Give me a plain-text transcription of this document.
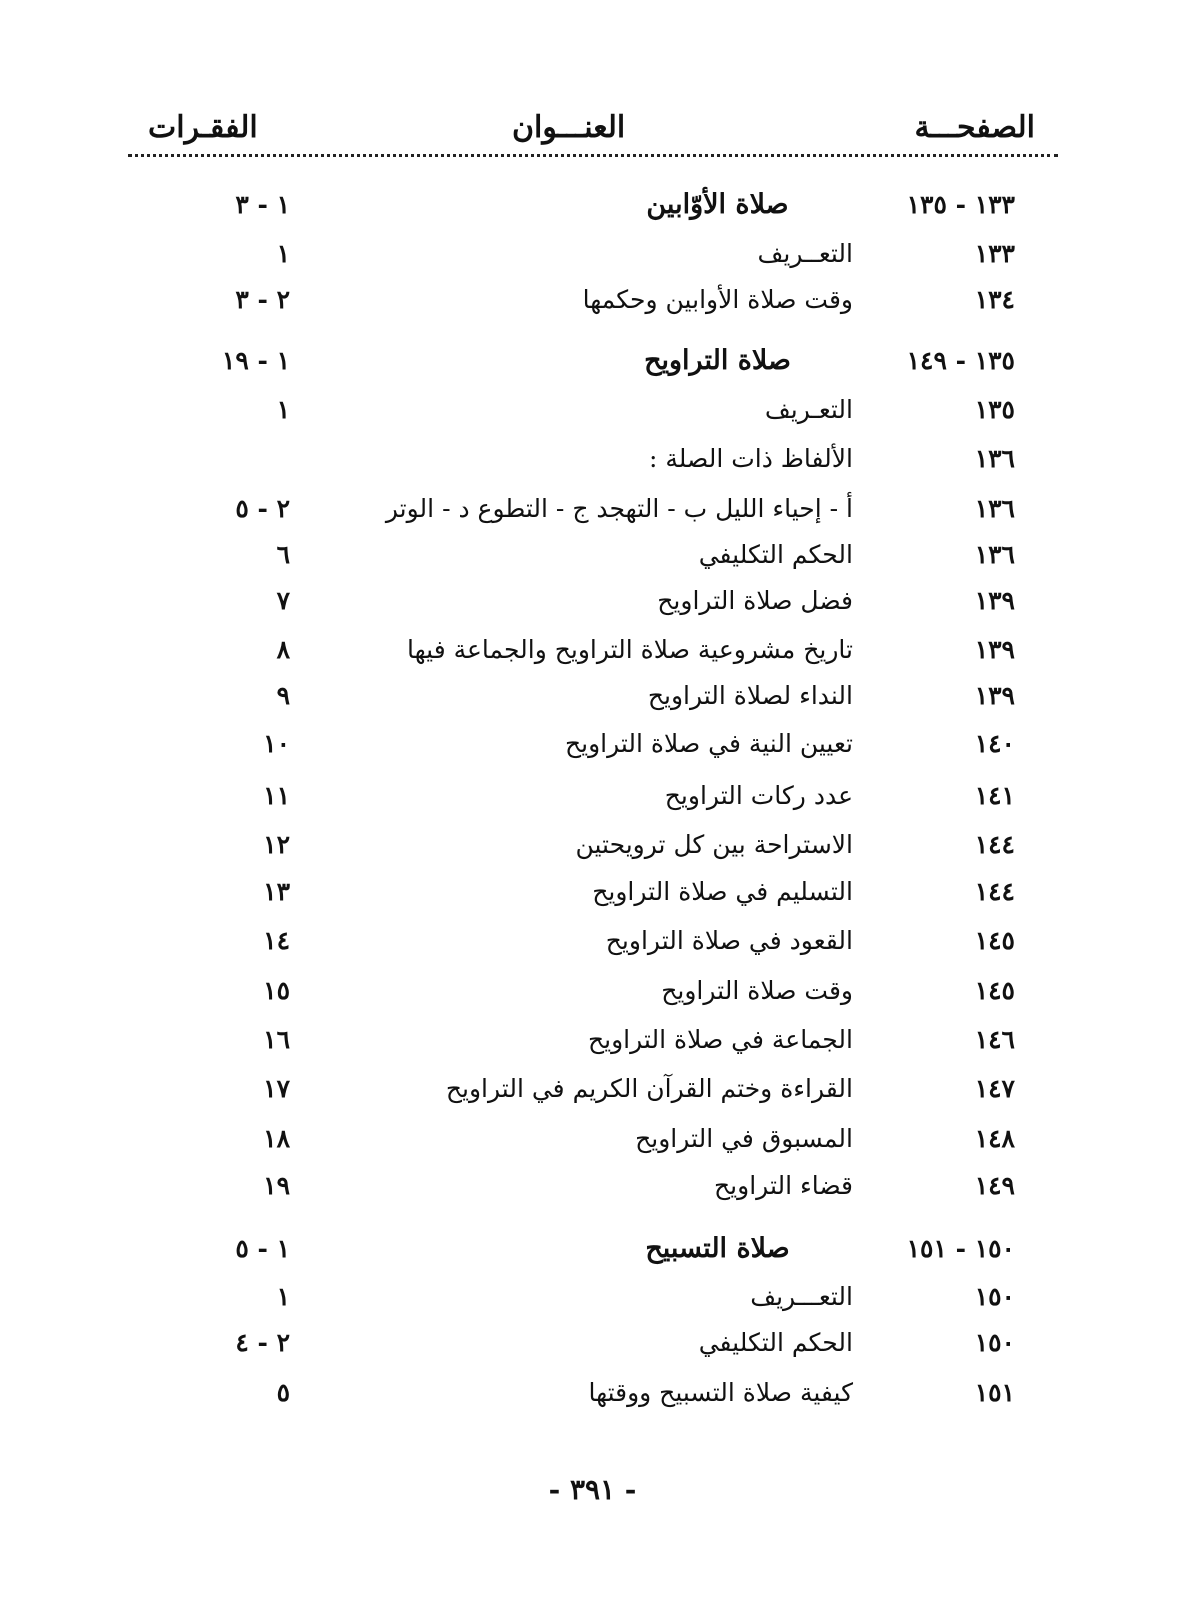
الصفحـــة
العنـــوان
الفقـرات
١٣٣ - ١٣٥
صلاة الأوّابين
١ - ٣
١٣٣
التعــريف
١
١٣٤
وقت صلاة الأوابين وحكمها
٢ - ٣
١٣٥ - ١٤٩
صلاة التراويح
١ - ١٩
١٣٥
التعـريف
١
١٣٦
الألفاظ ذات الصلة :
١٣٦
أ - إحياء الليل ب - التهجد ج - التطوع د - الوتر
٢ - ٥
١٣٦
الحكم التكليفي
٦
١٣٩
فضل صلاة التراويح
٧
١٣٩
تاريخ مشروعية صلاة التراويح والجماعة فيها
٨
١٣٩
النداء لصلاة التراويح
٩
١٤٠
تعيين النية في صلاة التراويح
١٠
١٤١
عدد ركات التراويح
١١
١٤٤
الاستراحة بين كل ترويحتين
١٢
١٤٤
التسليم في صلاة التراويح
١٣
١٤٥
القعود في صلاة التراويح
١٤
١٤٥
وقت صلاة التراويح
١٥
١٤٦
الجماعة في صلاة التراويح
١٦
١٤٧
القراءة وختم القرآن الكريم في التراويح
١٧
١٤٨
المسبوق في التراويح
١٨
١٤٩
قضاء التراويح
١٩
١٥٠ - ١٥١
صلاة التسبيح
١ - ٥
١٥٠
التعـــريف
١
١٥٠
الحكم التكليفي
٢ - ٤
١٥١
كيفية صلاة التسبيح ووقتها
٥
- ٣٩١ -
